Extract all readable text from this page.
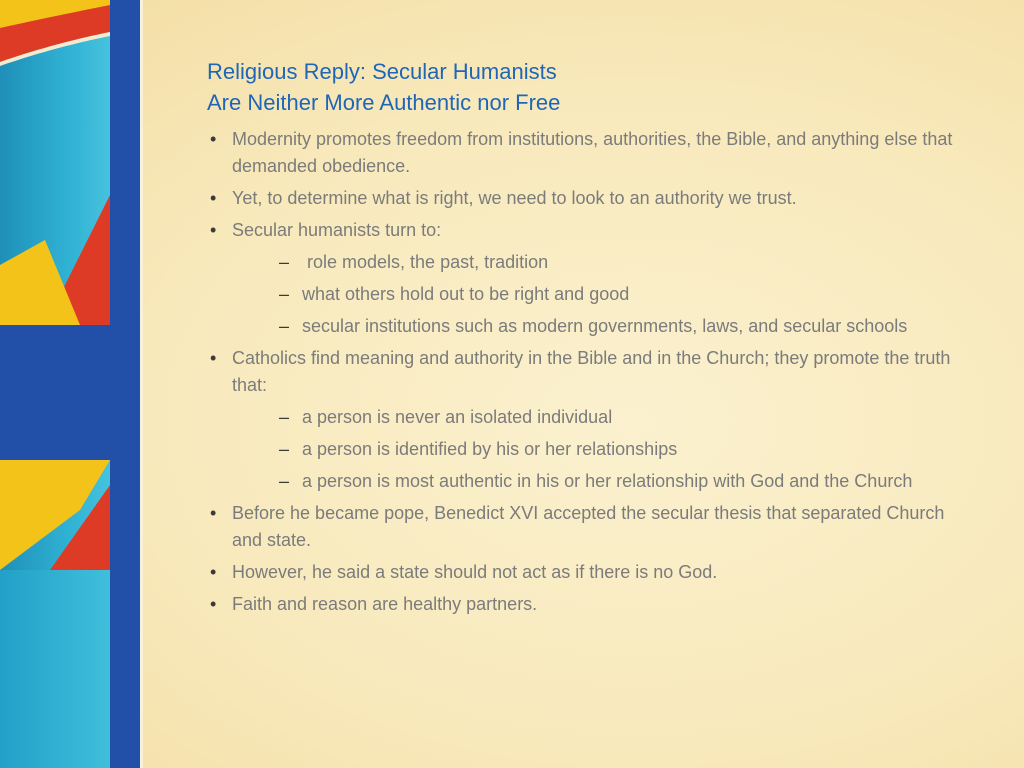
Religious Reply: Secular Humanists
Are Neither More Authentic nor Free
• Modernity promotes freedom from institutions, authorities, the Bible, and anything else that demanded obedience.
• Yet, to determine what is right, we need to look to an authority we trust.
• Secular humanists turn to:
–  role models, the past, tradition
– what others hold out to be right and good
– secular institutions such as modern governments, laws, and secular schools
• Catholics find meaning and authority in the Bible and in the Church; they promote the truth that:
– a person is never an isolated individual
– a person is identified by his or her relationships
– a person is most authentic in his or her relationship with God and the Church
• Before he became pope, Benedict XVI accepted the secular thesis that separated Church and state.
• However, he said a state should not act as if there is no God.
• Faith and reason are healthy partners.
